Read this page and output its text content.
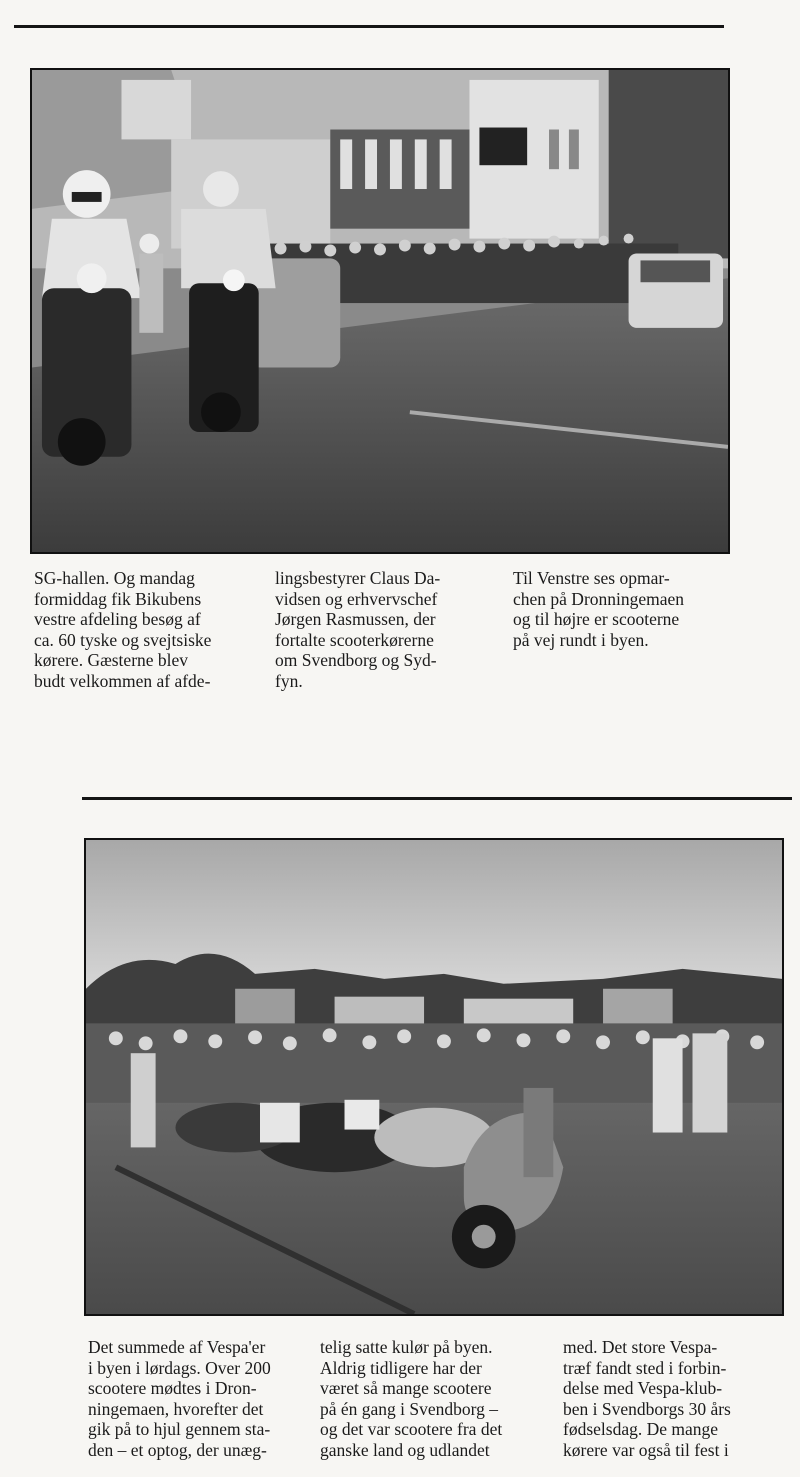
SG-hallen. Og mandag
formiddag fik Bikubens
vestre afdeling besøg af
ca. 60 tyske og svejtsiske
kørere. Gæsterne blev
budt velkommen af afde-
lingsbestyrer Claus Da-
vidsen og erhvervschef
Jørgen Rasmussen, der
fortalte scooterkørerne
om Svendborg og Syd-
fyn.
Til Venstre ses opmar-
chen på Dronningemaen
og til højre er scooterne
på vej rundt i byen.
Det summede af Vespa'er
i byen i lørdags. Over 200
scootere mødtes i Dron-
ningemaen, hvorefter det
gik på to hjul gennem sta-
den – et optog, der unæg-
telig satte kulør på byen.
Aldrig tidligere har der
været så mange scootere
på én gang i Svendborg –
og det var scootere fra det
ganske land og udlandet
med. Det store Vespa-
træf fandt sted i forbin-
delse med Vespa-klub-
ben i Svendborgs 30 års
fødselsdag. De mange
kørere var også til fest i
